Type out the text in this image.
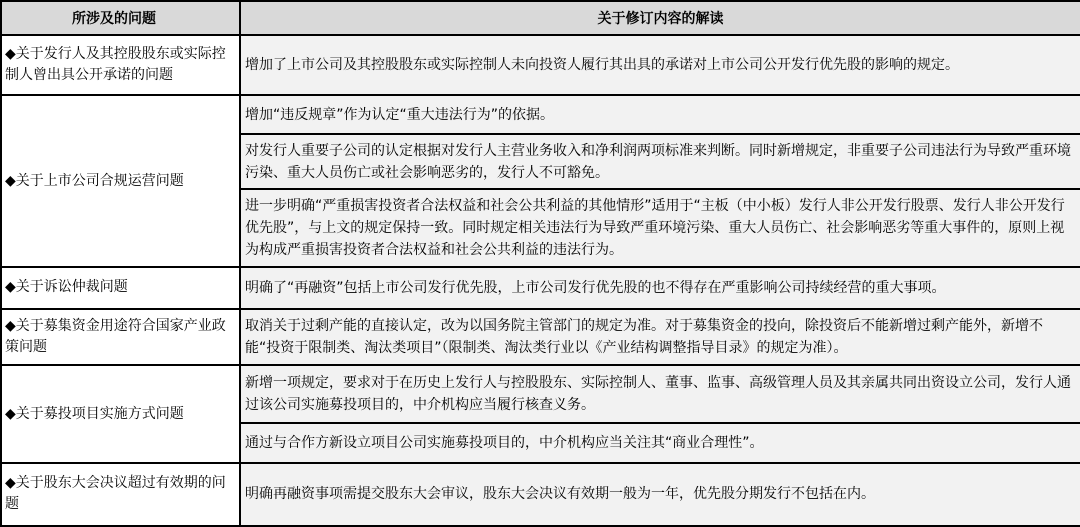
所涉及的问题	关于修订内容的解读
◆关于发行人及其控股股东或实际控制人曾出具公开承诺的问题	增加了上市公司及其控股股东或实际控制人未向投资人履行其出具的承诺对上市公司公开发行优先股的影响的规定。
◆关于上市公司合规运营问题	增加“违反规章”作为认定“重大违法行为”的依据。
	对发行人重要子公司的认定根据对发行人主营业务收入和净利润两项标准来判断。同时新增规定，非重要子公司违法行为导致严重环境污染、重大人员伤亡或社会影响恶劣的，发行人不可豁免。
	进一步明确“严重损害投资者合法权益和社会公共利益的其他情形”适用于“主板（中小板）发行人非公开发行股票、发行人非公开发行优先股”，与上文的规定保持一致。同时规定相关违法行为导致严重环境污染、重大人员伤亡、社会影响恶劣等重大事件的，原则上视为构成严重损害投资者合法权益和社会公共利益的违法行为。
◆关于诉讼仲裁问题	明确了“再融资”包括上市公司发行优先股，上市公司发行优先股的也不得存在严重影响公司持续经营的重大事项。
◆关于募集资金用途符合国家产业政策问题	取消关于过剩产能的直接认定，改为以国务院主管部门的规定为准。对于募集资金的投向，除投资后不能新增过剩产能外，新增不能“投资于限制类、淘汰类项目”（限制类、淘汰类行业以《产业结构调整指导目录》的规定为准）。
◆关于募投项目实施方式问题	新增一项规定，要求对于在历史上发行人与控股股东、实际控制人、董事、监事、高级管理人员及其亲属共同出资设立公司，发行人通过该公司实施募投项目的，中介机构应当履行核查义务。
	通过与合作方新设立项目公司实施募投项目的，中介机构应当关注其“商业合理性”。
◆关于股东大会决议超过有效期的问题	明确再融资事项需提交股东大会审议，股东大会决议有效期一般为一年，优先股分期发行不包括在内。
